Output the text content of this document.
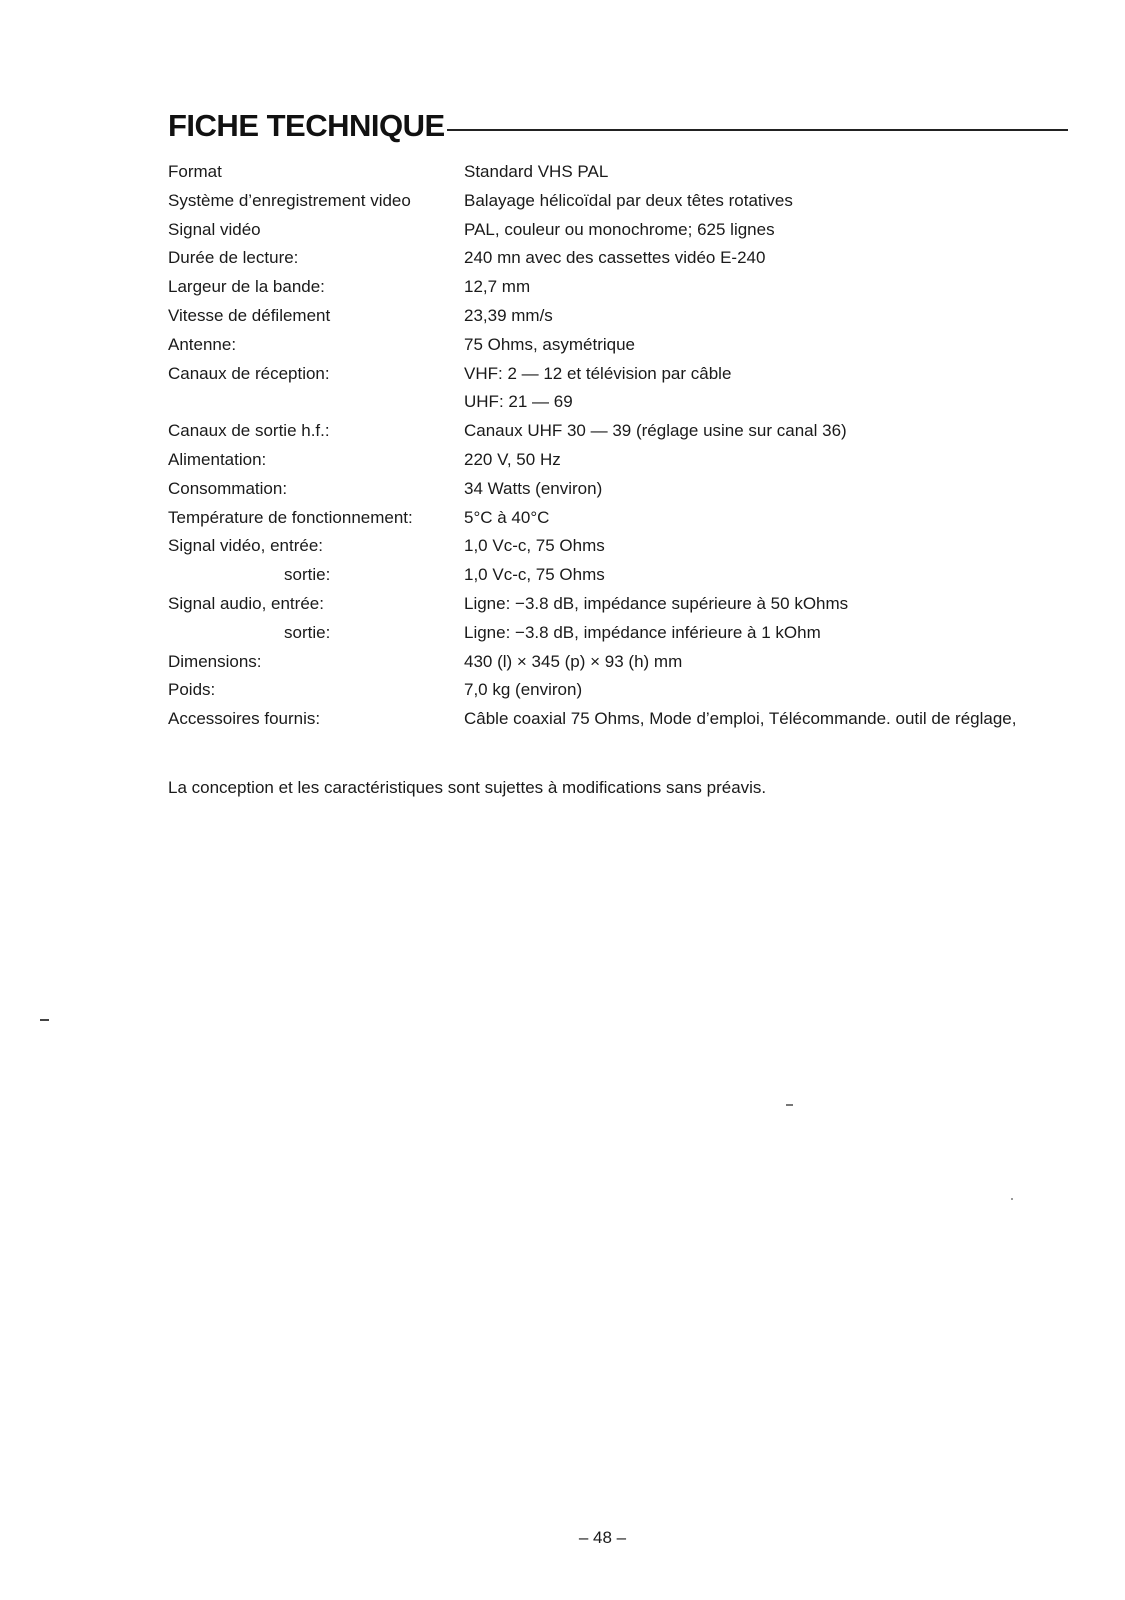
FICHE TECHNIQUE
Format	Standard VHS PAL
Système d’enregistrement video	Balayage hélicoïdal par deux têtes rotatives
Signal vidéo	PAL, couleur ou monochrome; 625 lignes
Durée de lecture:	240 mn avec des cassettes vidéo E-240
Largeur de la bande:	12,7 mm
Vitesse de défilement	23,39 mm/s
Antenne:	75 Ohms, asymétrique
Canaux de réception:	VHF: 2 — 12 et télévision par câble
	UHF: 21 — 69
Canaux de sortie h.f.:	Canaux UHF 30 — 39 (réglage usine sur canal 36)
Alimentation:	220 V, 50 Hz
Consommation:	34 Watts (environ)
Température de fonctionnement:	5°C à 40°C
Signal vidéo, entrée:	1,0 Vc-c, 75 Ohms
sortie:	1,0 Vc-c, 75 Ohms
Signal audio, entrée:	Ligne: −3.8 dB, impédance supérieure à 50 kOhms
sortie:	Ligne: −3.8 dB, impédance inférieure à 1 kOhm
Dimensions:	430 (l) × 345 (p) × 93 (h) mm
Poids:	7,0 kg (environ)
Accessoires fournis:	Câble coaxial 75 Ohms, Mode d’emploi, Télécommande. outil de réglage,
La conception et les caractéristiques sont sujettes à modifications sans préavis.
– 48 –
